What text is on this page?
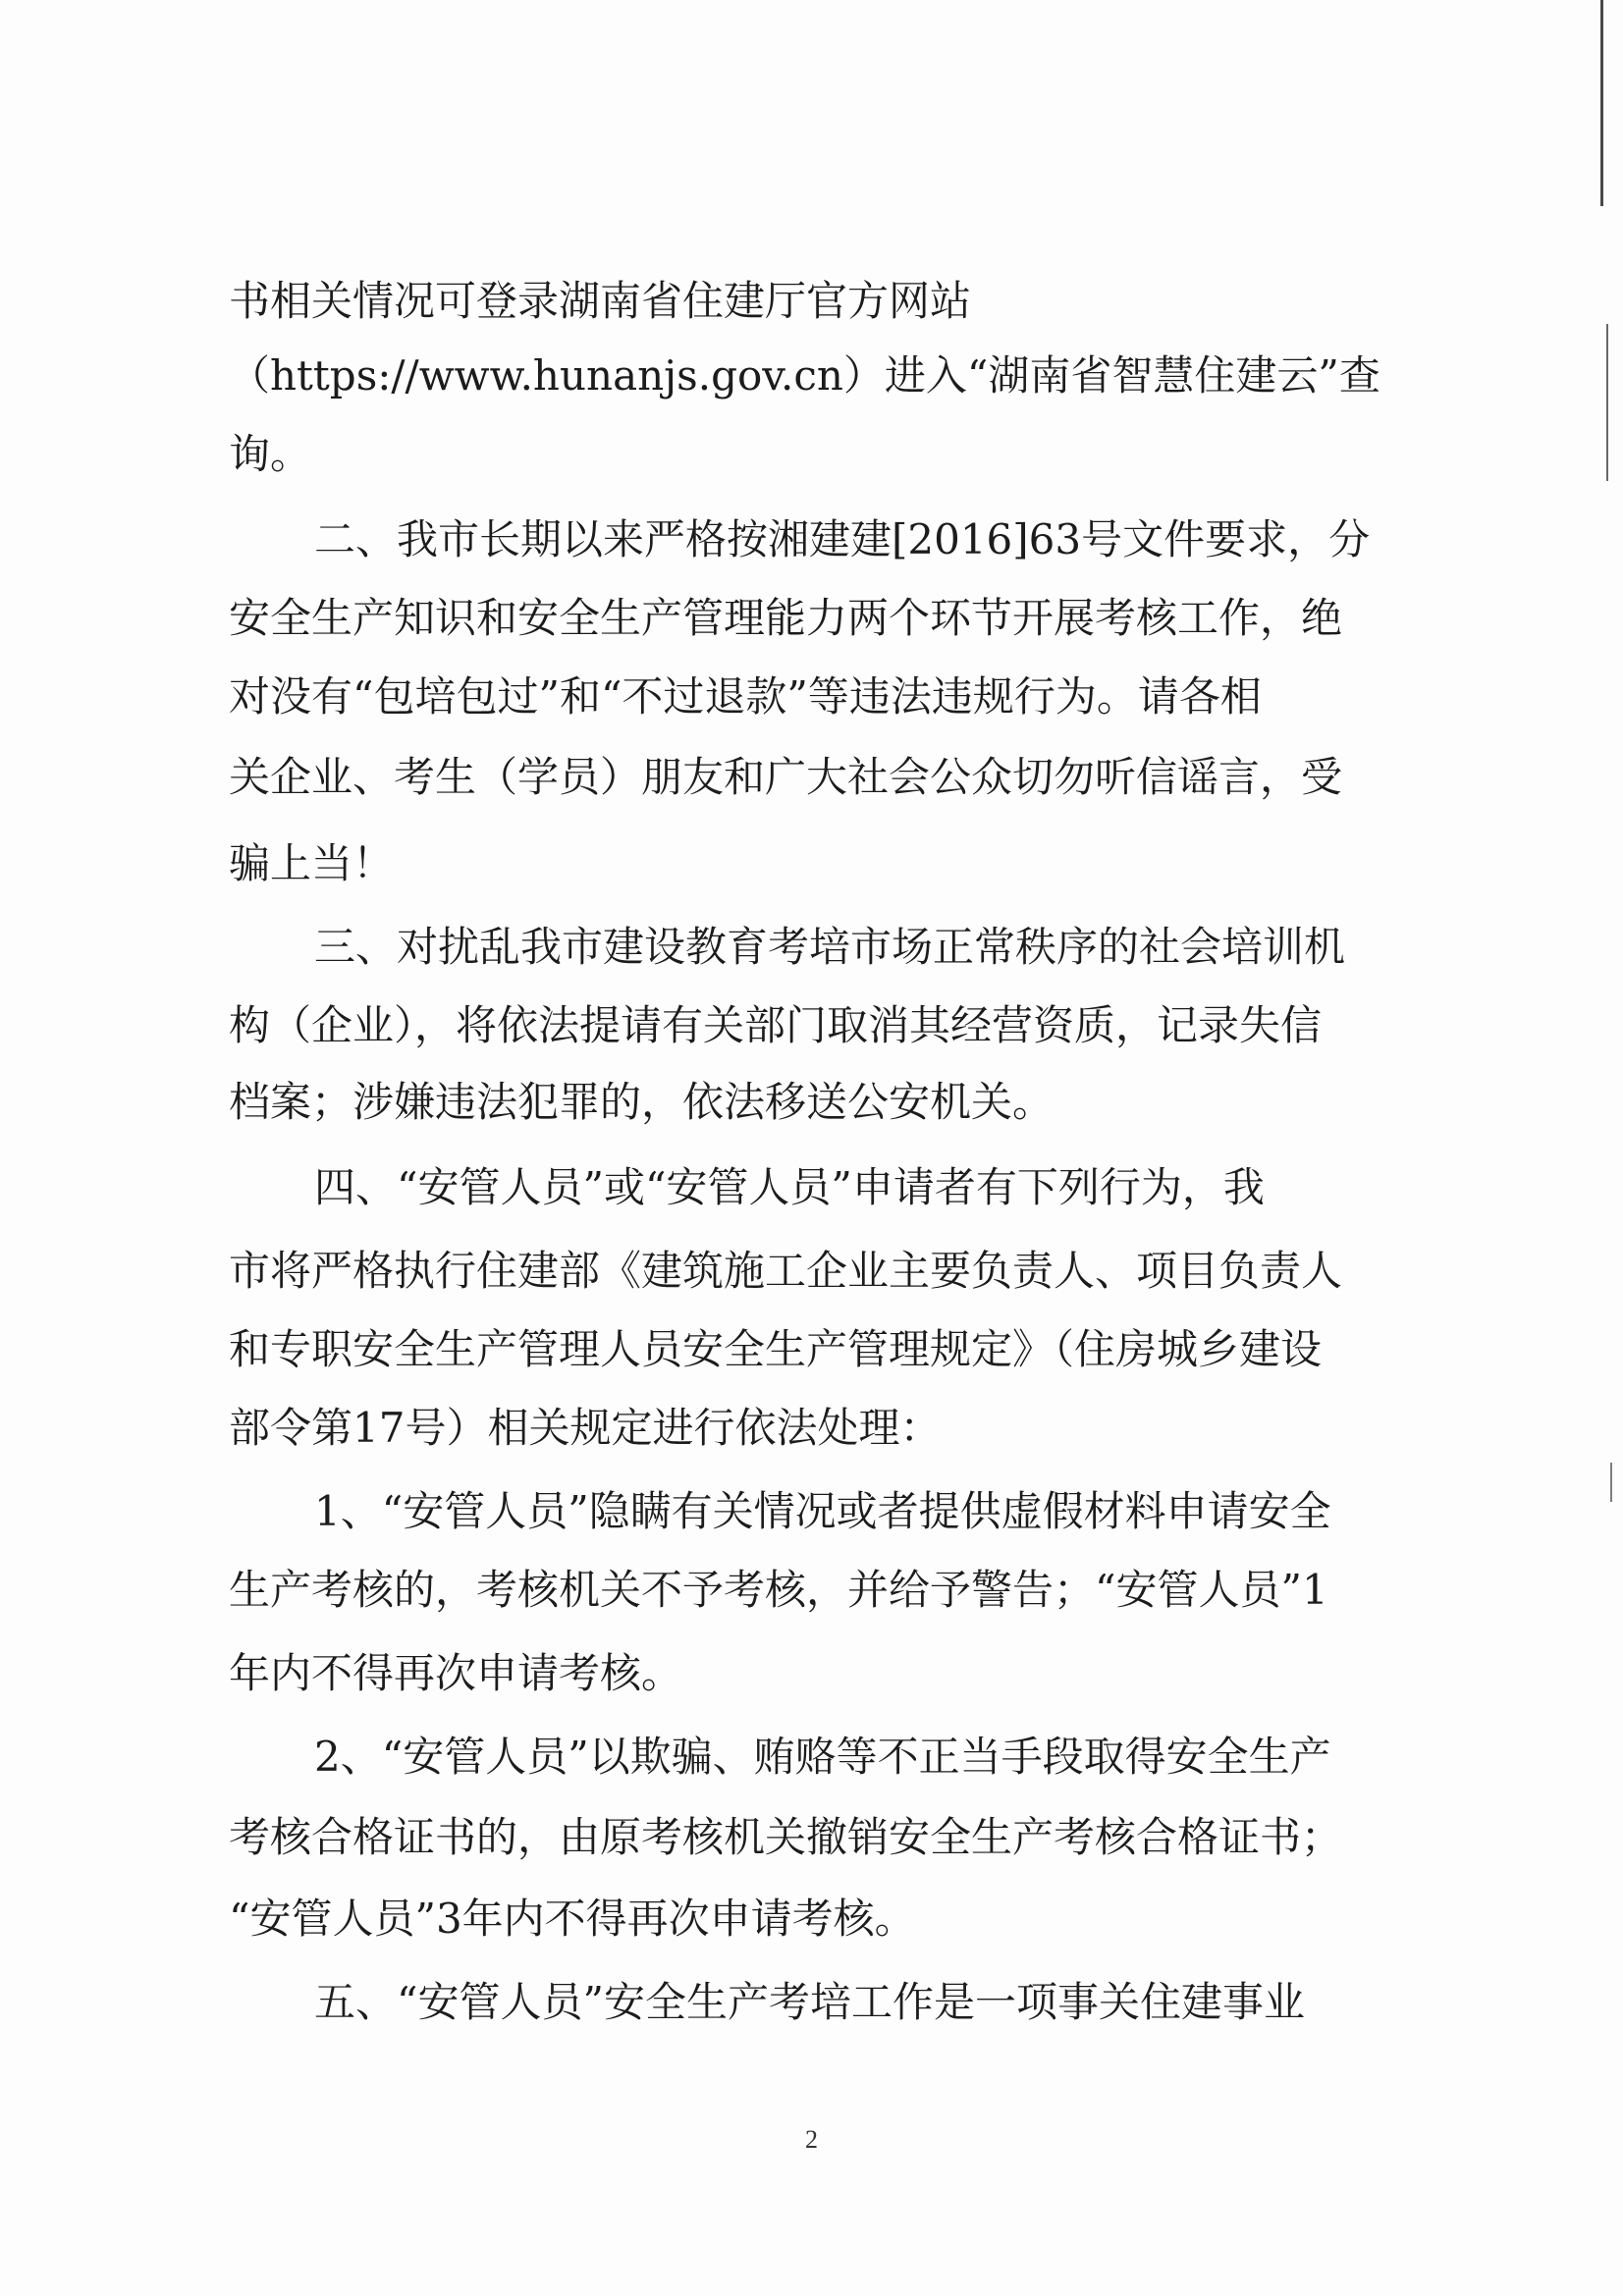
书相关情况可登录湖南省住建厅官方网站
（https://www.hunanjs.gov.cn）进入“湖南省智慧住建云”查
询。
二、我市长期以来严格按湘建建[2016]63号文件要求，分
安全生产知识和安全生产管理能力两个环节开展考核工作，绝
对没有“包培包过”和“不过退款”等违法违规行为。请各相
关企业、考生（学员）朋友和广大社会公众切勿听信谣言，受
骗上当！
三、对扰乱我市建设教育考培市场正常秩序的社会培训机
构（企业），将依法提请有关部门取消其经营资质，记录失信
档案；涉嫌违法犯罪的，依法移送公安机关。
四、“安管人员”或“安管人员”申请者有下列行为，我
市将严格执行住建部《建筑施工企业主要负责人、项目负责人
和专职安全生产管理人员安全生产管理规定》（住房城乡建设
部令第17号）相关规定进行依法处理：
1、“安管人员”隐瞒有关情况或者提供虚假材料申请安全
生产考核的，考核机关不予考核，并给予警告；“安管人员”1
年内不得再次申请考核。
2、“安管人员”以欺骗、贿赂等不正当手段取得安全生产
考核合格证书的，由原考核机关撤销安全生产考核合格证书；
“安管人员”3年内不得再次申请考核。
五、“安管人员”安全生产考培工作是一项事关住建事业
2
